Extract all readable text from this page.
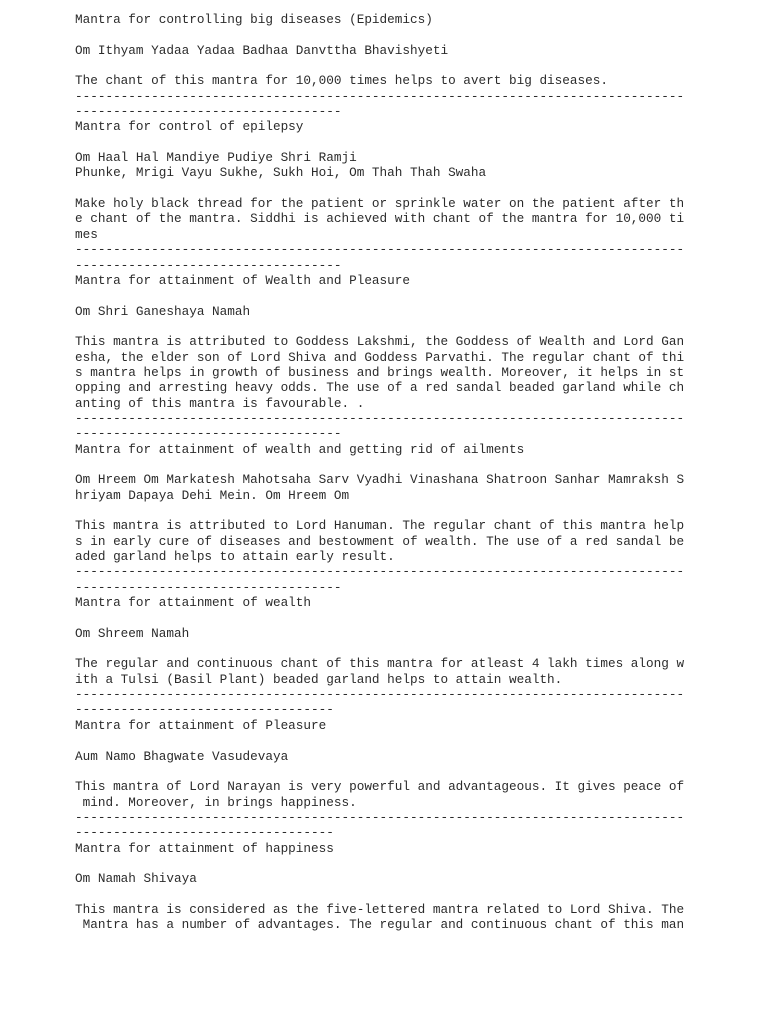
Mantra for controlling big diseases (Epidemics)
Om Ithyam Yadaa Yadaa Badhaa Danvttha Bhavishyeti
The chant of this mantra for 10,000 times helps to avert big diseases.
--------------------------------------------------------------------------------
-----------------------------------
Mantra for control of epilepsy
Om Haal Hal Mandiye Pudiye Shri Ramji
Phunke, Mrigi Vayu Sukhe, Sukh Hoi, Om Thah Thah Swaha
Make holy black thread for the patient or sprinkle water on the patient after th
e chant of the mantra. Siddhi is achieved with chant of the mantra for 10,000 ti
mes
--------------------------------------------------------------------------------
-----------------------------------
Mantra for attainment of Wealth and Pleasure
Om Shri Ganeshaya Namah
This mantra is attributed to Goddess Lakshmi, the Goddess of Wealth and Lord Gan
esha, the elder son of Lord Shiva and Goddess Parvathi. The regular chant of thi
s mantra helps in growth of business and brings wealth. Moreover, it helps in st
opping and arresting heavy odds. The use of a red sandal beaded garland while ch
anting of this mantra is favourable. .
--------------------------------------------------------------------------------
-----------------------------------
Mantra for attainment of wealth and getting rid of ailments
Om Hreem Om Markatesh Mahotsaha Sarv Vyadhi Vinashana Shatroon Sanhar Mamraksh S
hriyam Dapaya Dehi Mein. Om Hreem Om
This mantra is attributed to Lord Hanuman. The regular chant of this mantra help
s in early cure of diseases and bestowment of wealth. The use of a red sandal be
aded garland helps to attain early result.
--------------------------------------------------------------------------------
-----------------------------------
Mantra for attainment of wealth
Om Shreem Namah
The regular and continuous chant of this mantra for atleast 4 lakh times along w
ith a Tulsi (Basil Plant) beaded garland helps to attain wealth.
--------------------------------------------------------------------------------
----------------------------------
Mantra for attainment of Pleasure
Aum Namo Bhagwate Vasudevaya
This mantra of Lord Narayan is very powerful and advantageous. It gives peace of
mind. Moreover, in brings happiness.
--------------------------------------------------------------------------------
----------------------------------
Mantra for attainment of happiness
Om Namah Shivaya
This mantra is considered as the five-lettered mantra related to Lord Shiva. The
Mantra has a number of advantages. The regular and continuous chant of this man
